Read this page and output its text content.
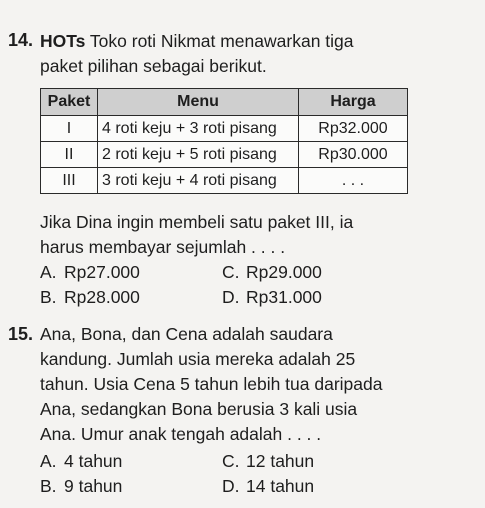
14. HOTs Toko roti Nikmat menawarkan tiga
paket pilihan sebagai berikut.
Paket	Menu	Harga
I	4 roti keju + 3 roti pisang	Rp32.000
II	2 roti keju + 5 roti pisang	Rp30.000
III	3 roti keju + 4 roti pisang	. . .
Jika Dina ingin membeli satu paket III, ia
harus membayar sejumlah . . . .
A. Rp27.000	C. Rp29.000
B. Rp28.000	D. Rp31.000
15. Ana, Bona, dan Cena adalah saudara
kandung. Jumlah usia mereka adalah 25
tahun. Usia Cena 5 tahun lebih tua daripada
Ana, sedangkan Bona berusia 3 kali usia
Ana. Umur anak tengah adalah . . . .
A. 4 tahun	C. 12 tahun
B. 9 tahun	D. 14 tahun
